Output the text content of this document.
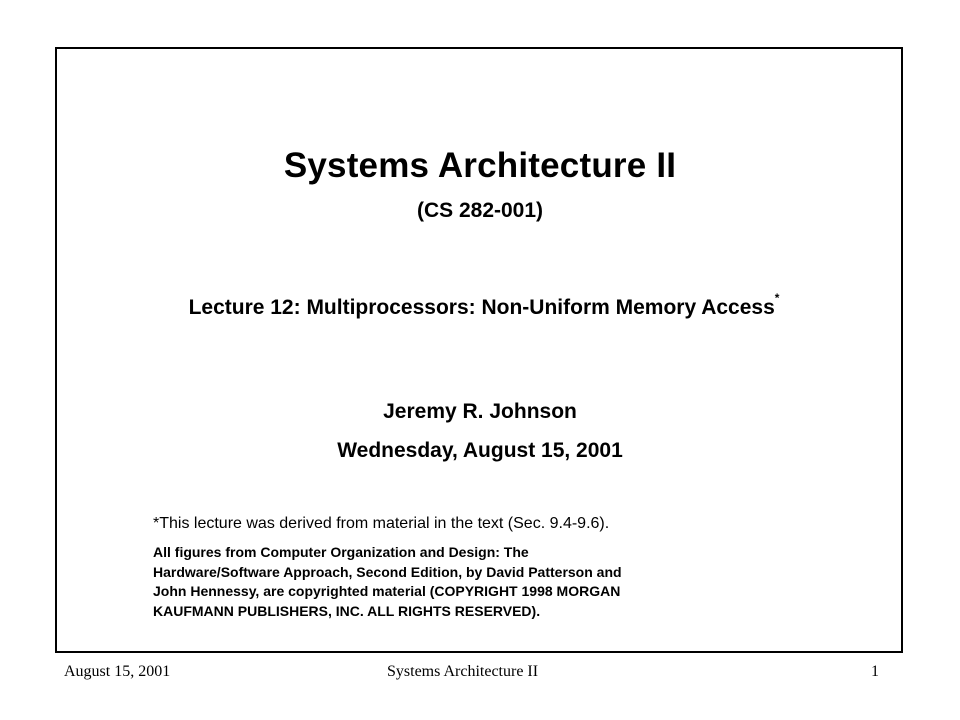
Systems Architecture II
(CS 282-001)
Lecture 12: Multiprocessors: Non-Uniform Memory Access*
Jeremy R. Johnson
Wednesday, August 15, 2001
*This lecture was derived from material in the text (Sec. 9.4-9.6).
All figures from Computer Organization and Design: The
Hardware/Software Approach, Second Edition, by David Patterson and
John Hennessy, are copyrighted material (COPYRIGHT 1998 MORGAN
KAUFMANN PUBLISHERS, INC. ALL RIGHTS RESERVED).
August 15, 2001	Systems Architecture II	1
